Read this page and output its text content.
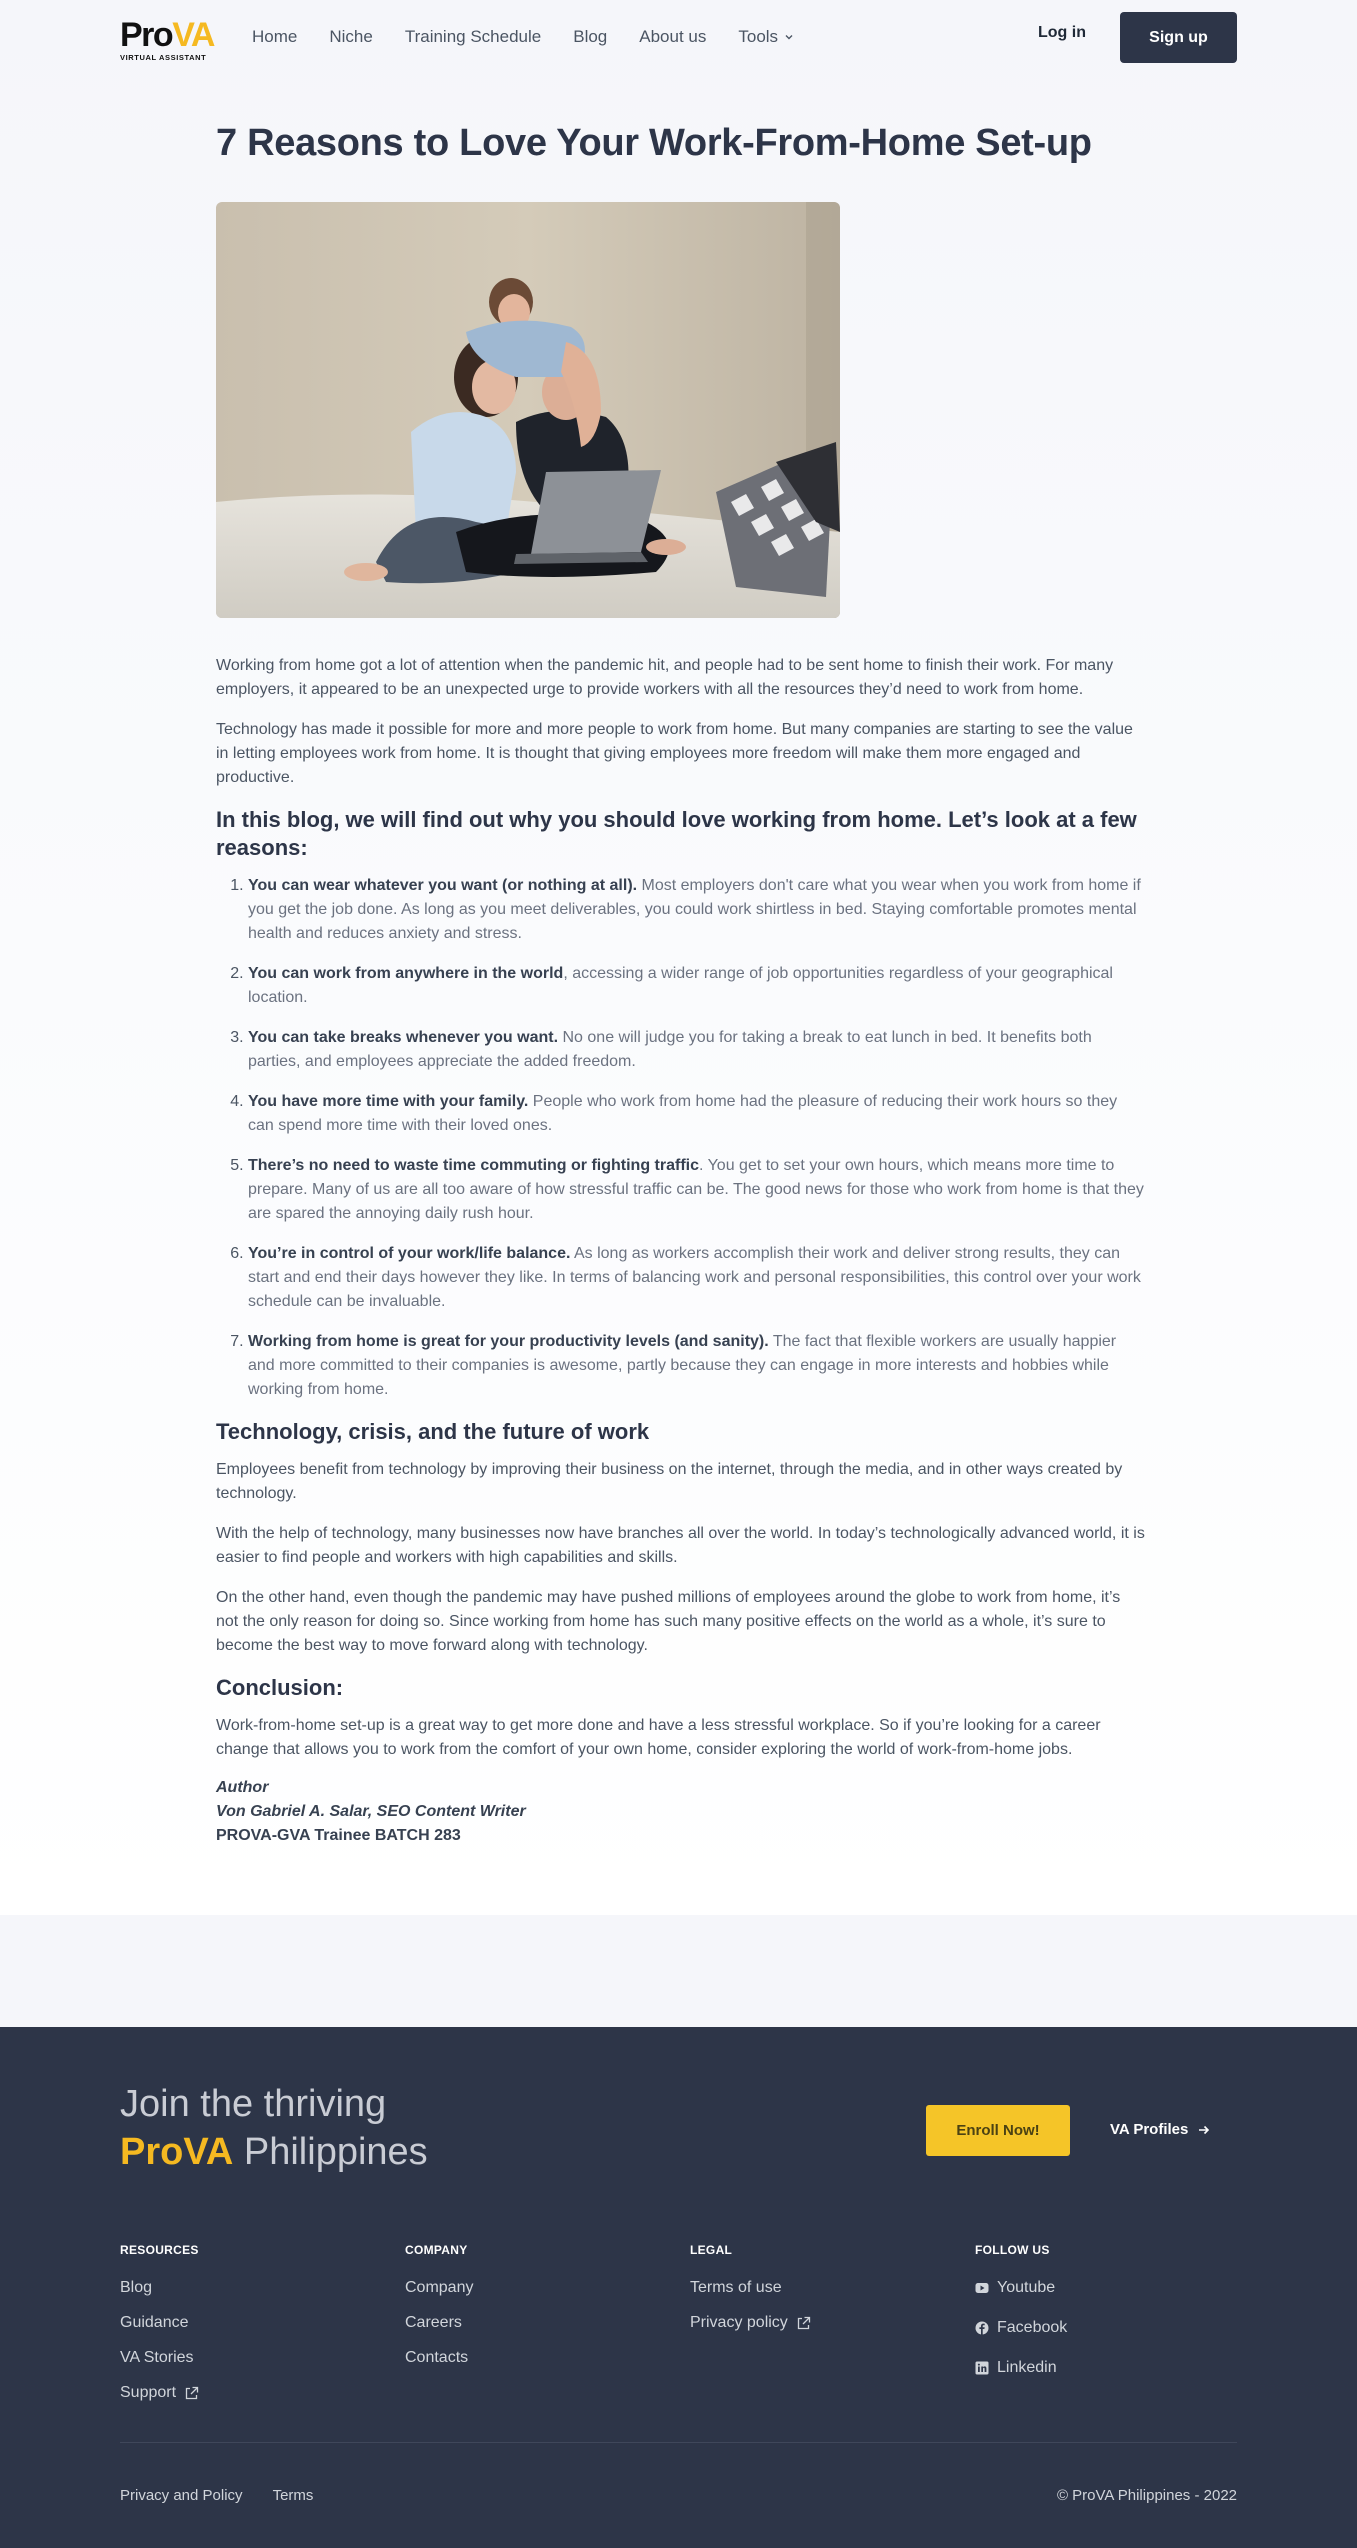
ProVA
VIRTUAL ASSISTANT
Home Niche Training Schedule Blog About us Tools	Log in	Sign up
7 Reasons to Love Your Work-From-Home Set-up

Working from home got a lot of attention when the pandemic hit, and people had to be sent home to finish their work. For many employers, it appeared to be an unexpected urge to provide workers with all the resources they’d need to work from home.

Technology has made it possible for more and more people to work from home. But many companies are starting to see the value in letting employees work from home. It is thought that giving employees more freedom will make them more engaged and productive.

In this blog, we will find out why you should love working from home. Let’s look at a few reasons:
1. You can wear whatever you want (or nothing at all). Most employers don't care what you wear when you work from home if you get the job done. As long as you meet deliverables, you could work shirtless in bed. Staying comfortable promotes mental health and reduces anxiety and stress.
2. You can work from anywhere in the world, accessing a wider range of job opportunities regardless of your geographical location.
3. You can take breaks whenever you want. No one will judge you for taking a break to eat lunch in bed. It benefits both parties, and employees appreciate the added freedom.
4. You have more time with your family. People who work from home had the pleasure of reducing their work hours so they can spend more time with their loved ones.
5. There’s no need to waste time commuting or fighting traffic. You get to set your own hours, which means more time to prepare. Many of us are all too aware of how stressful traffic can be. The good news for those who work from home is that they are spared the annoying daily rush hour.
6. You’re in control of your work/life balance. As long as workers accomplish their work and deliver strong results, they can start and end their days however they like. In terms of balancing work and personal responsibilities, this control over your work schedule can be invaluable.
7. Working from home is great for your productivity levels (and sanity). The fact that flexible workers are usually happier and more committed to their companies is awesome, partly because they can engage in more interests and hobbies while working from home.
Technology, crisis, and the future of work

Employees benefit from technology by improving their business on the internet, through the media, and in other ways created by technology.

With the help of technology, many businesses now have branches all over the world. In today’s technologically advanced world, it is easier to find people and workers with high capabilities and skills.

On the other hand, even though the pandemic may have pushed millions of employees around the globe to work from home, it’s not the only reason for doing so. Since working from home has such many positive effects on the world as a whole, it’s sure to become the best way to move forward along with technology.

Conclusion:

Work-from-home set-up is a great way to get more done and have a less stressful workplace. So if you’re looking for a career change that allows you to work from the comfort of your own home, consider exploring the world of work-from-home jobs.

Author
Von Gabriel A. Salar, SEO Content Writer
PROVA-GVA Trainee BATCH 283
Join the thriving
ProVA Philippines
Enroll Now!	VA Profiles
RESOURCES
Blog
Guidance
VA Stories
Support
COMPANY
Company
Careers
Contacts
LEGAL
Terms of use
Privacy policy
FOLLOW US
Youtube
Facebook
Linkedin
Privacy and Policy Terms	© ProVA Philippines - 2022
